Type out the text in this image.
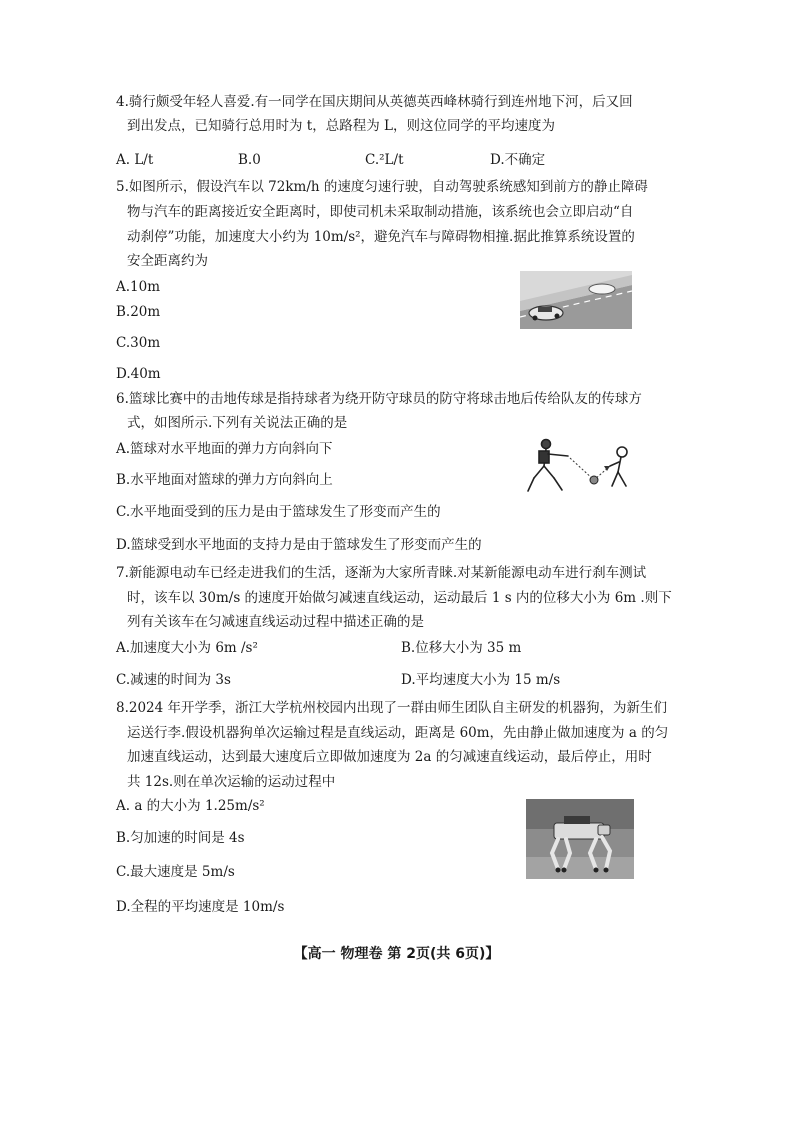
4.骑行颇受年轻人喜爱.有一同学在国庆期间从英德英西峰林骑行到连州地下河，后又回
到出发点，已知骑行总用时为 t，总路程为 L，则这位同学的平均速度为
A. L/t	B.0	C.²L/t	D.不确定
5.如图所示，假设汽车以 72km/h 的速度匀速行驶，自动驾驶系统感知到前方的静止障碍
物与汽车的距离接近安全距离时，即使司机未采取制动措施，该系统也会立即启动“自
动刹停”功能，加速度大小约为 10m/s²，避免汽车与障碍物相撞.据此推算系统设置的
安全距离约为
A.10m
B.20m
C.30m
D.40m
6.篮球比赛中的击地传球是指持球者为绕开防守球员的防守将球击地后传给队友的传球方
式，如图所示.下列有关说法正确的是
A.篮球对水平地面的弹力方向斜向下
B.水平地面对篮球的弹力方向斜向上
C.水平地面受到的压力是由于篮球发生了形变而产生的
D.篮球受到水平地面的支持力是由于篮球发生了形变而产生的
7.新能源电动车已经走进我们的生活，逐渐为大家所青睐.对某新能源电动车进行刹车测试
时，该车以 30m/s 的速度开始做匀减速直线运动，运动最后 1 s 内的位移大小为 6m .则下
列有关该车在匀减速直线运动过程中描述正确的是
A.加速度大小为 6m /s²	B.位移大小为 35 m
C.减速的时间为 3s	D.平均速度大小为 15 m/s
8.2024 年开学季，浙江大学杭州校园内出现了一群由师生团队自主研发的机器狗，为新生们
运送行李.假设机器狗单次运输过程是直线运动，距离是 60m，先由静止做加速度为 a 的匀
加速直线运动，达到最大速度后立即做加速度为 2a 的匀减速直线运动，最后停止，用时
共 12s.则在单次运输的运动过程中
A. a 的大小为 1.25m/s²
B.匀加速的时间是 4s
C.最大速度是 5m/s
D.全程的平均速度是 10m/s
【高一 物理卷 第 2页(共 6页)】
